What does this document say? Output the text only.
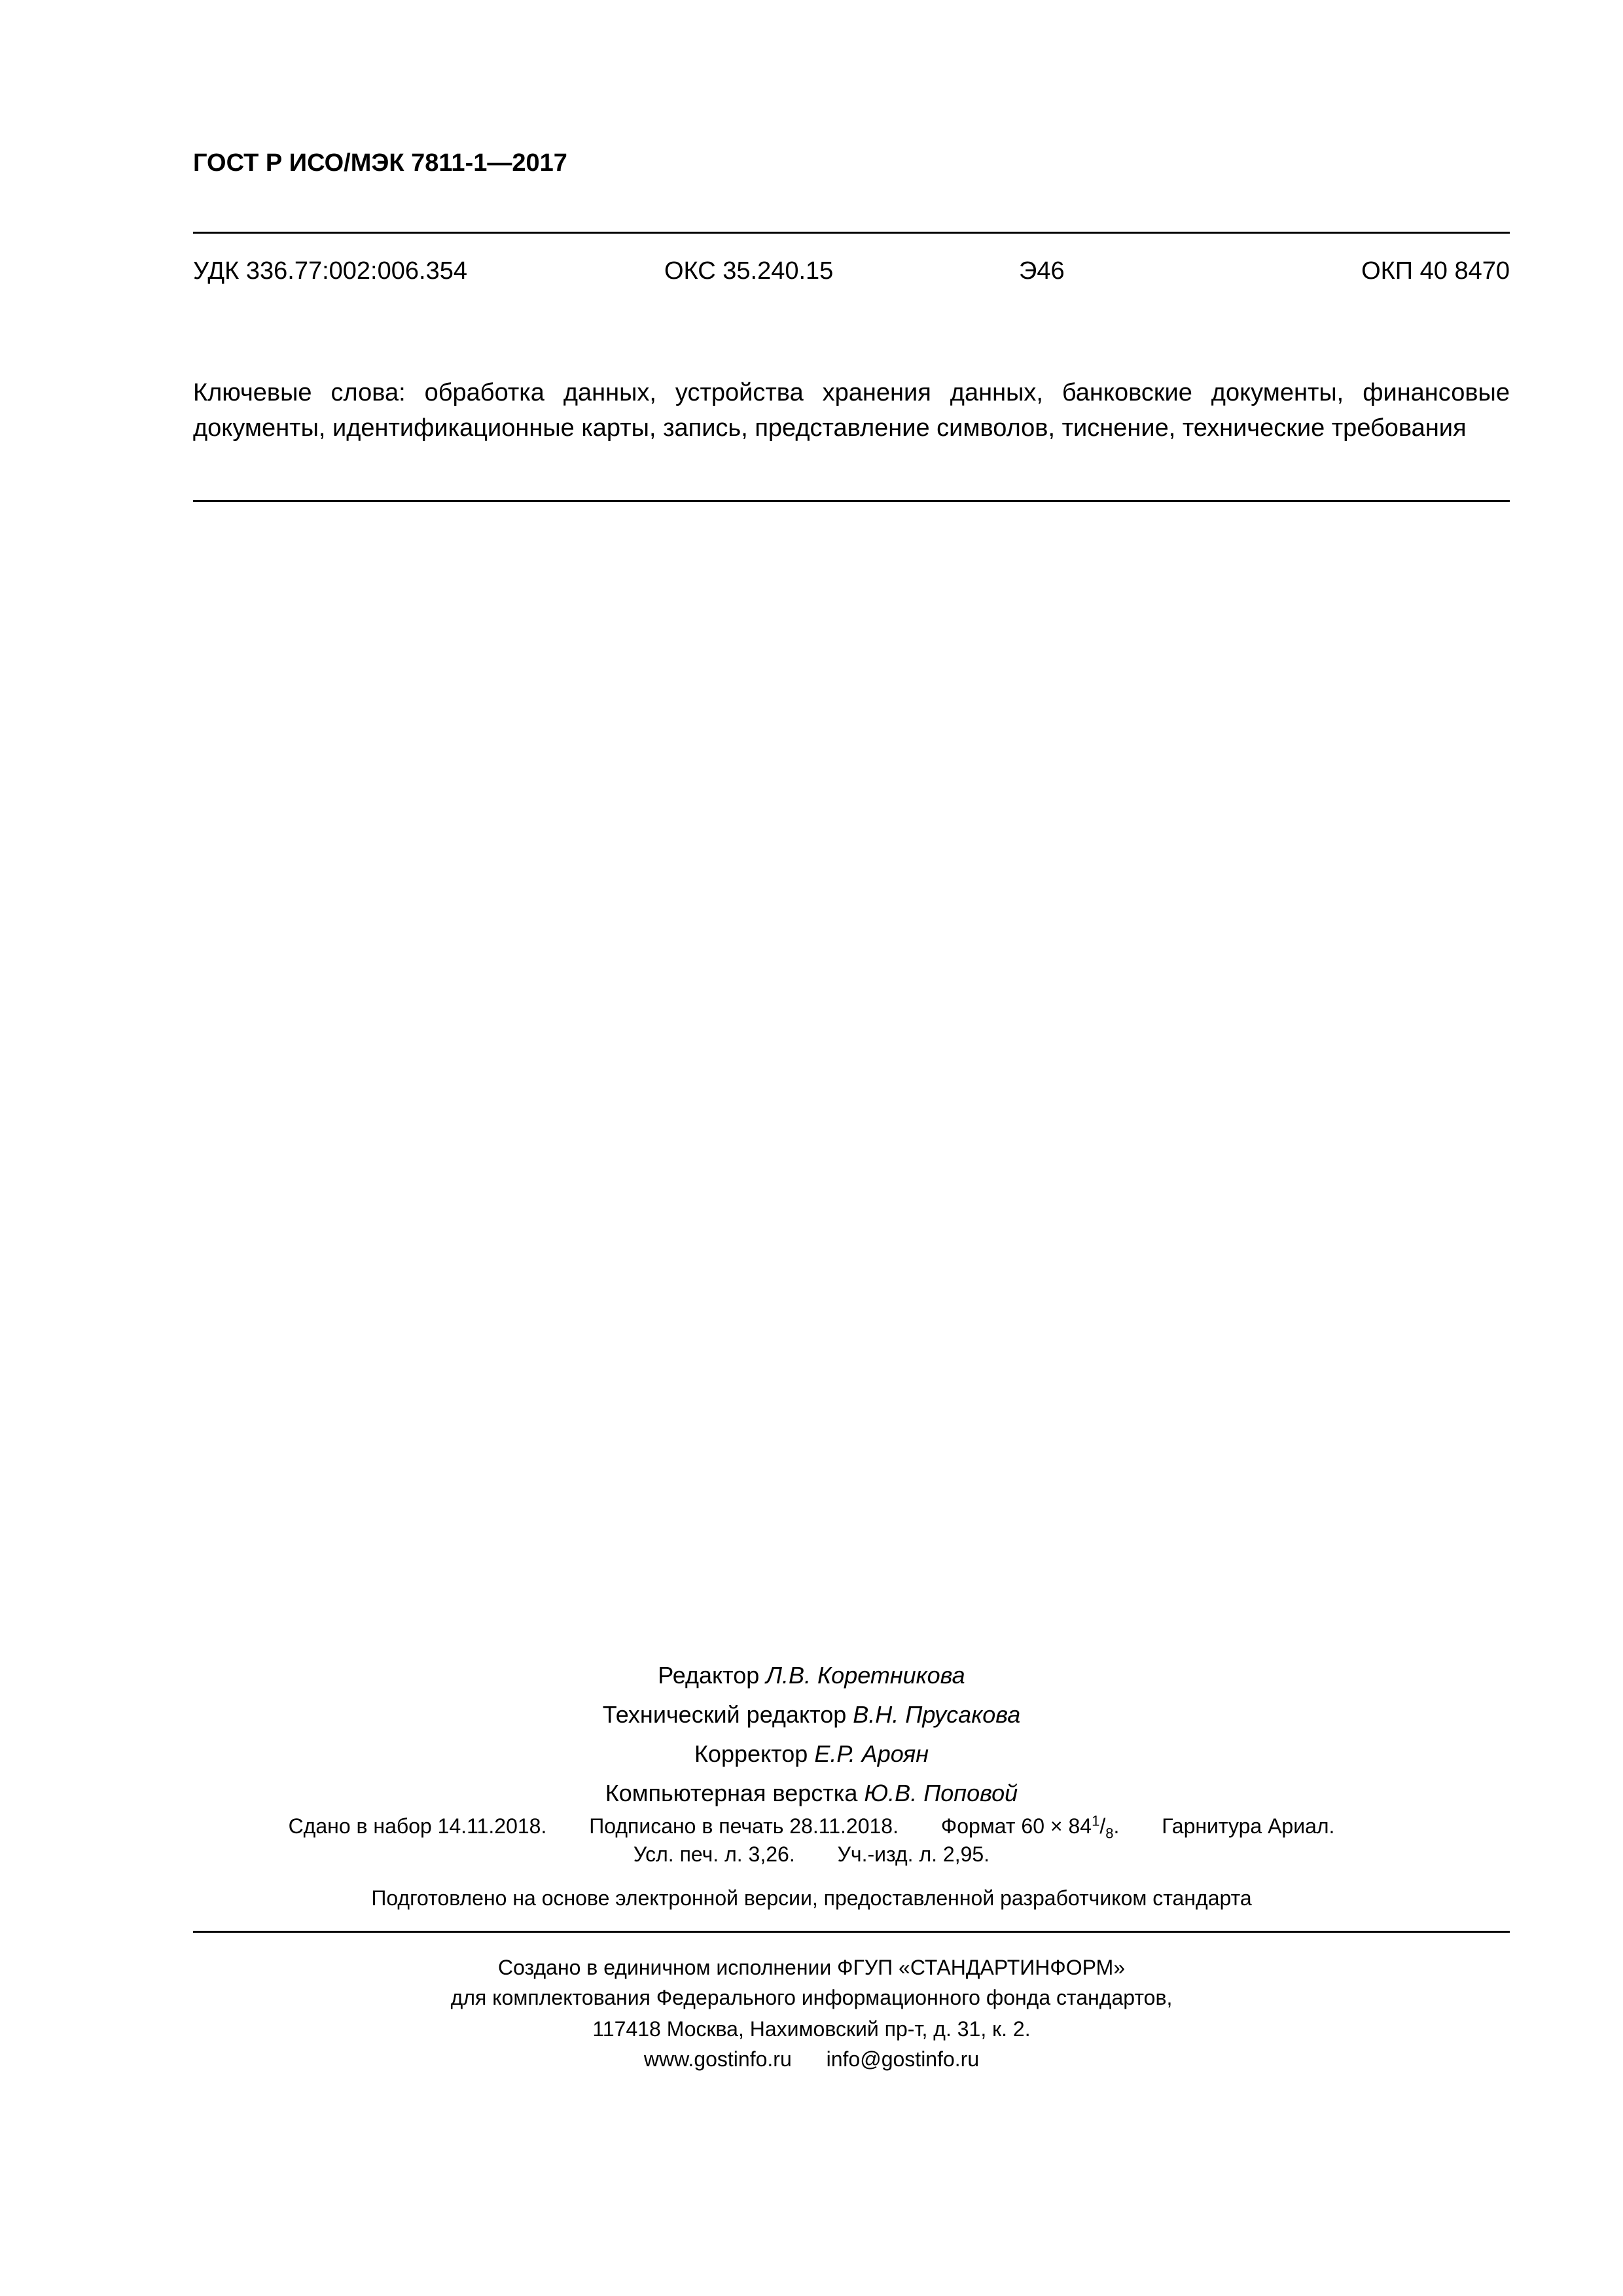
ГОСТ Р ИСО/МЭК 7811-1—2017
УДК 336.77:002:006.354	ОКС 35.240.15	Э46	ОКП 40 8470
Ключевые слова: обработка данных, устройства хранения данных, банковские документы, финансовые документы, идентификационные карты, запись, представление символов, тиснение, технические требования
Редактор Л.В. Коретникова
Технический редактор В.Н. Прусакова
Корректор Е.Р. Ароян
Компьютерная верстка Ю.В. Поповой
Сдано в набор 14.11.2018. Подписано в печать 28.11.2018. Формат $60 \times 84^1/_8$. Гарнитура Ариал.
Усл. печ. л. 3,26. Уч.-изд. л. 2,95.
Подготовлено на основе электронной версии, предоставленной разработчиком стандарта
Создано в единичном исполнении ФГУП «СТАНДАРТИНФОРМ»
для комплектования Федерального информационного фонда стандартов,
117418 Москва, Нахимовский пр-т, д. 31, к. 2.
www.gostinfo.ru info@gostinfo.ru
